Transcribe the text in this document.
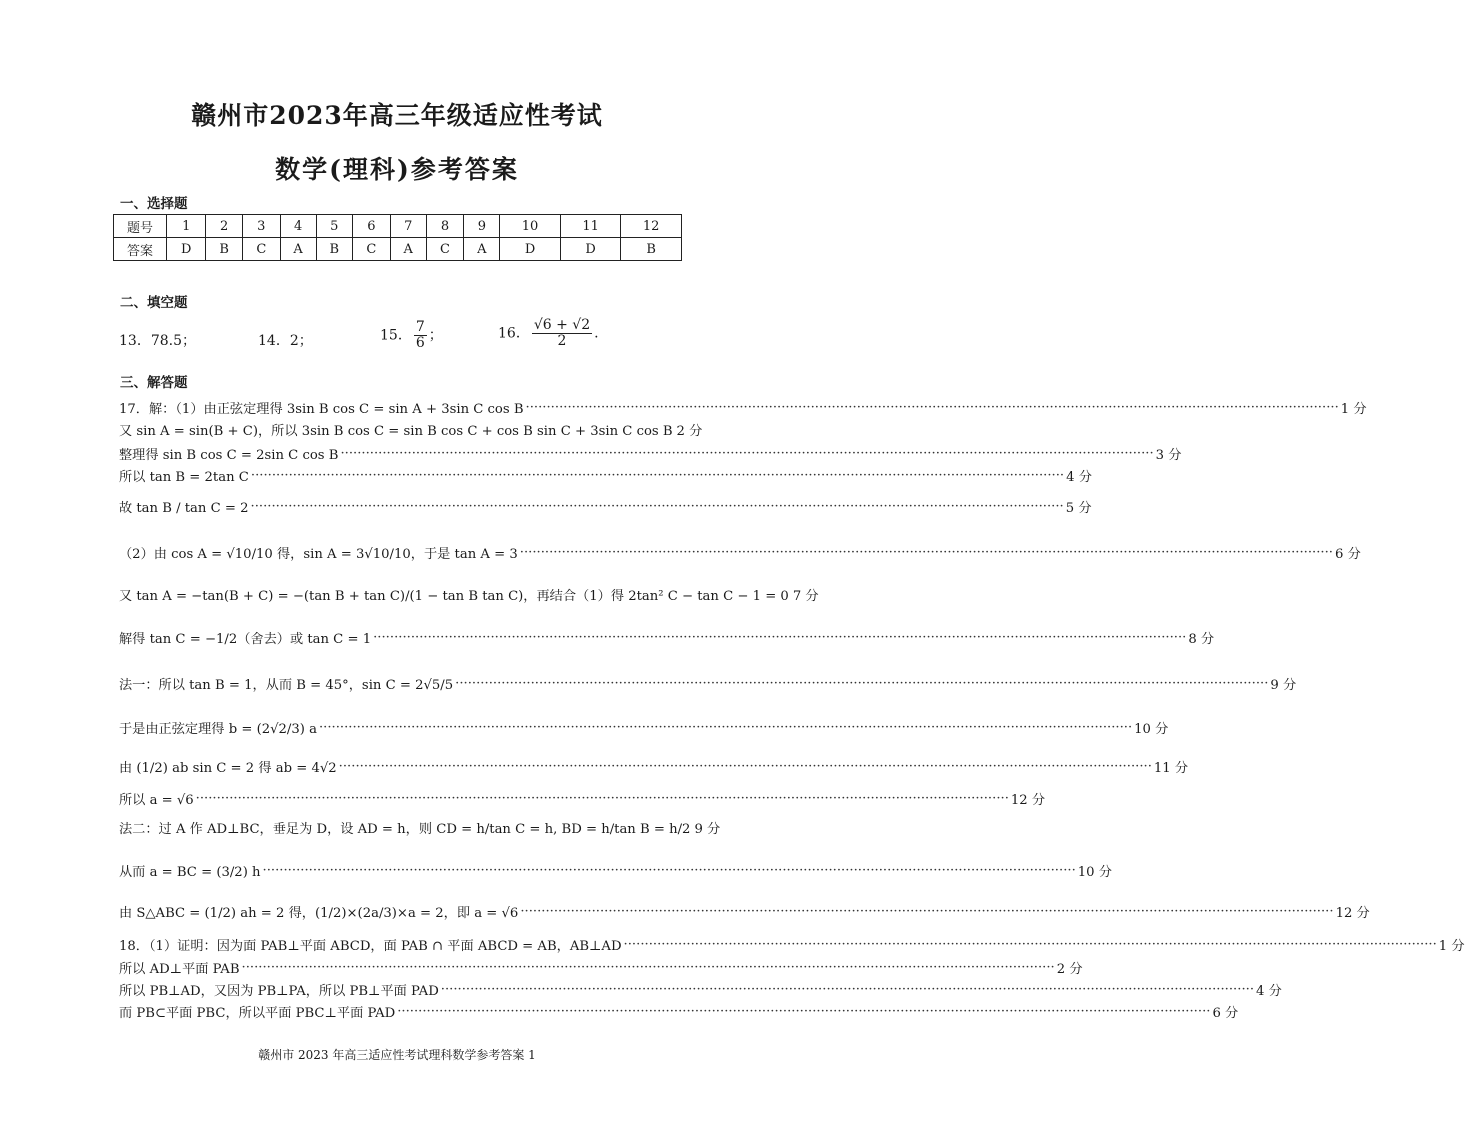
赣州市2023年高三年级适应性考试
数学(理科)参考答案
一、选择题
题号	1	2	3	4	5	6	7	8	9	10	11	12
答案	D	B	C	A	B	C	A	C	A	D	D	B
二、填空题
13．78.5；	14．2；	15． $\frac{7}{6}$ ；	16． $\frac{√6 + √2}{2}$ .
三、解答题
17．解：（1）由正弦定理得 3sin B cos C = sin A + 3sin C cos B ·····	1 分
又 sin A = sin(B + C)，所以 3sin B cos C = sin B cos C + cos B sin C + 3sin C cos B 2 分
整理得 sin B cos C = 2sin C cos B ·····	3 分
所以 tan B = 2tan C ·····	4 分
故 tan B / tan C = 2 ·····	5 分
（2）由 cos A = √10/10 得，sin A = 3√10/10，于是 tan A = 3 ·····	6 分
又 tan A = −tan(B + C) = −(tan B + tan C)/(1 − tan B tan C)，再结合（1）得 2tan² C − tan C − 1 = 0 7 分
解得 tan C = −1/2（舍去）或 tan C = 1 ·····	8 分
法一：所以 tan B = 1，从而 B = 45°，sin C = 2√5/5 ·····	9 分
于是由正弦定理得 b = (2√2/3) a ·····	10 分
由 (1/2) ab sin C = 2 得 ab = 4√2 ·····	11 分
所以 a = √6 ·····	12 分
法二：过 A 作 AD⊥BC，垂足为 D，设 AD = h，则 CD = h/tan C = h, BD = h/tan B = h/2 9 分
从而 a = BC = (3/2) h ·····	10 分
由 S△ABC = (1/2) ah = 2 得，(1/2)×(2a/3)×a = 2，即 a = √6 ·····	12 分
18．（1）证明：因为面 PAB⊥平面 ABCD，面 PAB ∩ 平面 ABCD = AB，AB⊥AD ·····	1 分
所以 AD⊥平面 PAB ·····	2 分
所以 PB⊥AD，又因为 PB⊥PA，所以 PB⊥平面 PAD ·····	4 分
而 PB⊂平面 PBC，所以平面 PBC⊥平面 PAD ·····	6 分
赣州市 2023 年高三适应性考试理科数学参考答案 1
